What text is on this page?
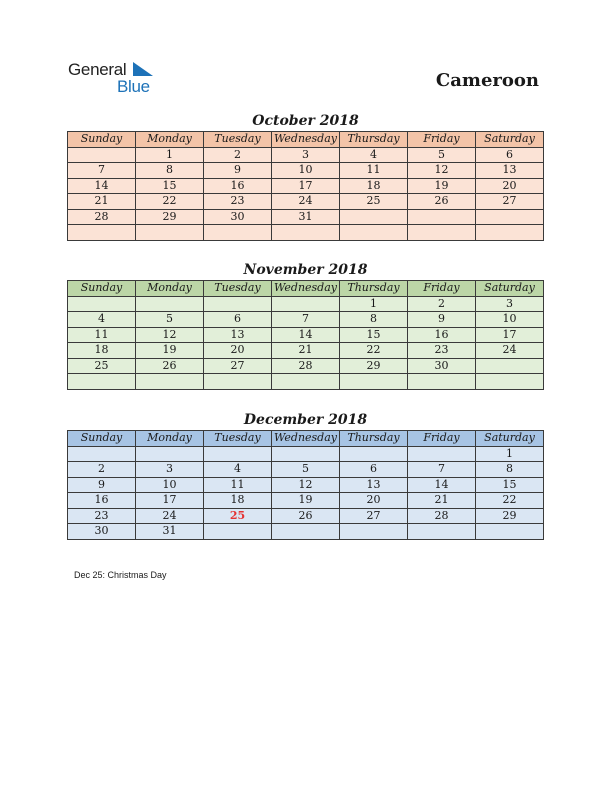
General
Blue	Cameroon
October 2018
Sunday	Monday	Tuesday	Wednesday	Thursday	Friday	Saturday
	1	2	3	4	5	6
7	8	9	10	11	12	13
14	15	16	17	18	19	20
21	22	23	24	25	26	27
28	29	30	31			

November 2018
Sunday	Monday	Tuesday	Wednesday	Thursday	Friday	Saturday
				1	2	3
4	5	6	7	8	9	10
11	12	13	14	15	16	17
18	19	20	21	22	23	24
25	26	27	28	29	30	

December 2018
Sunday	Monday	Tuesday	Wednesday	Thursday	Friday	Saturday
						1
2	3	4	5	6	7	8
9	10	11	12	13	14	15
16	17	18	19	20	21	22
23	24	25	26	27	28	29
30	31					
Dec 25: Christmas Day
